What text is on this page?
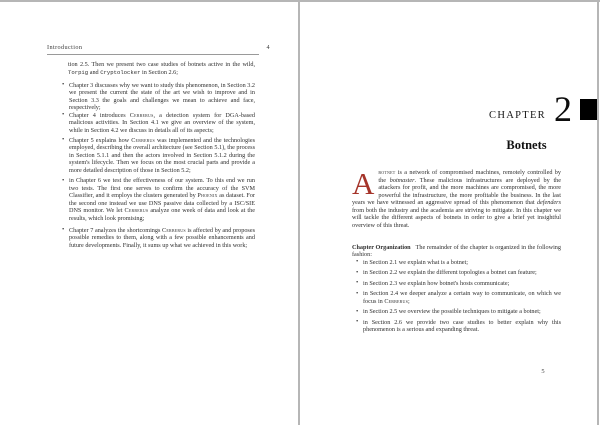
Introduction	4
tion 2.5. Then we present two case studies of botnets active in the wild, Torpig and Cryptolocker in Section 2.6;
• Chapter 3 discusses why we want to study this phenomenon, in Section 3.2 we present the current the state of the art we wish to improve and in Section 3.3 the goals and challenges we mean to achieve and face, respectively;
• Chapter 4 introduces Cerberus, a detection system for DGA-based malicious activities. In Section 4.1 we give an overview of the system, while in Section 4.2 we discuss in details all of its aspects;
• Chapter 5 explains how Cerberus was implemented and the technologies employed, describing the overall architecture (see Section 5.1), the process in Section 5.1.1 and then the actors involved in Section 5.1.2 during the system's lifecycle. Then we focus on the most crucial parts and provide a more detailed description of those in Section 5.2;
• in Chapter 6 we test the effectiveness of our system. To this end we run two tests. The first one serves to confirm the accuracy of the SVM Classifier, and it employs the clusters generated by Phoenix as dataset. For the second one instead we use DNS passive data collected by a ISC/SIE DNS monitor. We let Cerberus analyze one week of data and look at the results, which look promising;
• Chapter 7 analyzes the shortcomings Cerberus is affected by and proposes possible remedies to them, along with a few possible enhancements and future developments. Finally, it sums up what we achieved in this work;
CHAPTER 2
Botnets
Abotnet is a network of compromised machines, remotely controlled by the botmaster. These malicious infrastructures are deployed by the attackers for profit, and the more machines are compromised, the more powerful the infrastructure, the more profitable the business. In the last years we have witnessed an aggressive spread of this phenomenon that defenders from both the industry and the academia are striving to mitigate. In this chapter we will tackle the different aspects of botnets in order to give a brief yet insightful overview of this threat.
Chapter Organization The remainder of the chapter is organized in the following fashion:
• in Section 2.1 we explain what is a botnet;
• in Section 2.2 we explain the different topologies a botnet can feature;
• in Section 2.3 we explain how botnet's hosts communicate;
• in Section 2.4 we deeper analyze a certain way to communicate, on which we focus in Cerberus;
• in Section 2.5 we overview the possible techniques to mitigate a botnet;
• in Section 2.6 we provide two case studies to better explain why this phenomenon is a serious and expanding threat.
5
